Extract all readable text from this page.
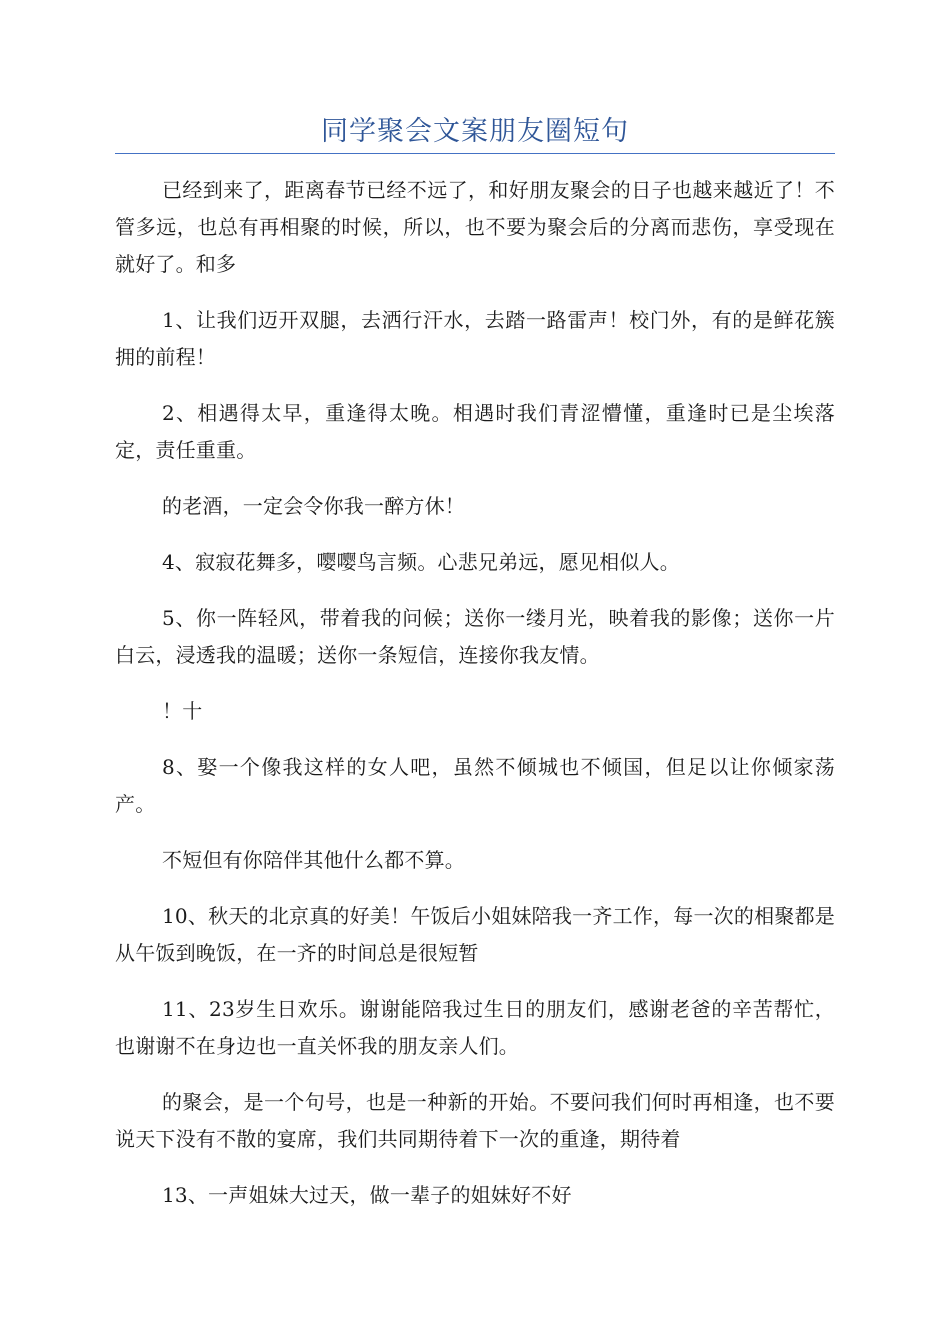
同学聚会文案朋友圈短句

已经到来了，距离春节已经不远了，和好朋友聚会的日子也越来越近了！不管多远，也总有再相聚的时候，所以，也不要为聚会后的分离而悲伤，享受现在就好了。和多

1、让我们迈开双腿，去洒行汗水，去踏一路雷声！校门外，有的是鲜花簇拥的前程！

2、相遇得太早，重逢得太晚。相遇时我们青涩懵懂，重逢时已是尘埃落定，责任重重。

的老酒，一定会令你我一醉方休！

4、寂寂花舞多，嘤嘤鸟言频。心悲兄弟远，愿见相似人。

5、你一阵轻风，带着我的问候；送你一缕月光，映着我的影像；送你一片白云，浸透我的温暖；送你一条短信，连接你我友情。

！十

8、娶一个像我这样的女人吧，虽然不倾城也不倾国，但足以让你倾家荡产。

不短但有你陪伴其他什么都不算。

10、秋天的北京真的好美！午饭后小姐妹陪我一齐工作，每一次的相聚都是从午饭到晚饭，在一齐的时间总是很短暂

11、23岁生日欢乐。谢谢能陪我过生日的朋友们，感谢老爸的辛苦帮忙，也谢谢不在身边也一直关怀我的朋友亲人们。

的聚会，是一个句号，也是一种新的开始。不要问我们何时再相逢，也不要说天下没有不散的宴席，我们共同期待着下一次的重逢，期待着

13、一声姐妹大过天，做一辈子的姐妹好不好
